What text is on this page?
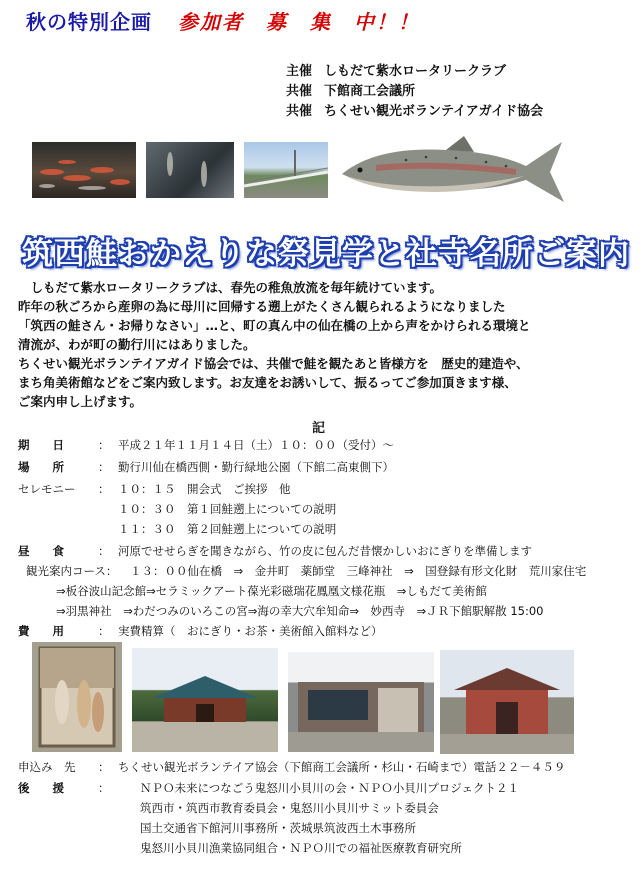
秋の特別企画 参加者　募　集　中！！
主催 しもだて紫水ロータリークラブ
共催 下館商工会議所
共催 ちくせい観光ボランテイアガイド協会
筑西鮭おかえりな祭見学と社寺名所ご案内
　しもだて紫水ロータリークラブは、春先の稚魚放流を毎年続けています。
昨年の秋ごろから産卵の為に母川に回帰する遡上がたくさん観られるようになりました
「筑西の鮭さん・お帰りなさい」…と、町の真ん中の仙在橋の上から声をかけられる環境と
清流が、わが町の勤行川にはありました。
ちくせい観光ボランテイアガイド協会では、共催で鮭を観たあと皆様方を　歴史的建造や、
まち角美術館などをご案内致します。お友達をお誘いして、振るってご参加頂きます様、
ご案内申し上げます。
記
期　　日	： 平成２１年１１月１４日（土）１０：００（受付）～
場　　所	： 勤行川仙在橋西側・勤行緑地公園（下館二高東側下）
セレモニー ： １０：１５　開会式　ご挨拶　他
１０：３０　第１回鮭遡上についての説明
１１：３０　第２回鮭遡上についての説明
昼　　食	： 河原でせせらぎを聞きながら、竹の皮に包んだ昔懐かしいおにぎりを準備します
観光案内コース： １３：００仙在橋　⇒　金井町　薬師堂　三峰神社　⇒　国登録有形文化財　荒川家住宅
⇒板谷波山記念館⇒セラミックアート葆光彩磁瑞花鳳凰文様花瓶　⇒しもだて美術館
⇒羽黒神社　⇒わだつみのいろこの宮⇒海の幸大穴牟知命⇒　妙西寺　⇒ＪＲ下館駅解散 15:00
費　　用	： 実費精算（　おにぎり・お茶・美術館入館料など）
申込み　先 ： ちくせい観光ボランテイア協会（下館商工会議所・杉山・石崎まで）電話２２－４５９
後　　援	：	ＮＰＯ未来につなごう鬼怒川小貝川の会・ＮＰＯ小貝川プロジェクト２１
筑西市・筑西市教育委員会・鬼怒川小貝川サミット委員会
国土交通省下館河川事務所・茨城県筑波西土木事務所
鬼怒川小貝川漁業協同組合・ＮＰＯ川での福祉医療教育研究所
